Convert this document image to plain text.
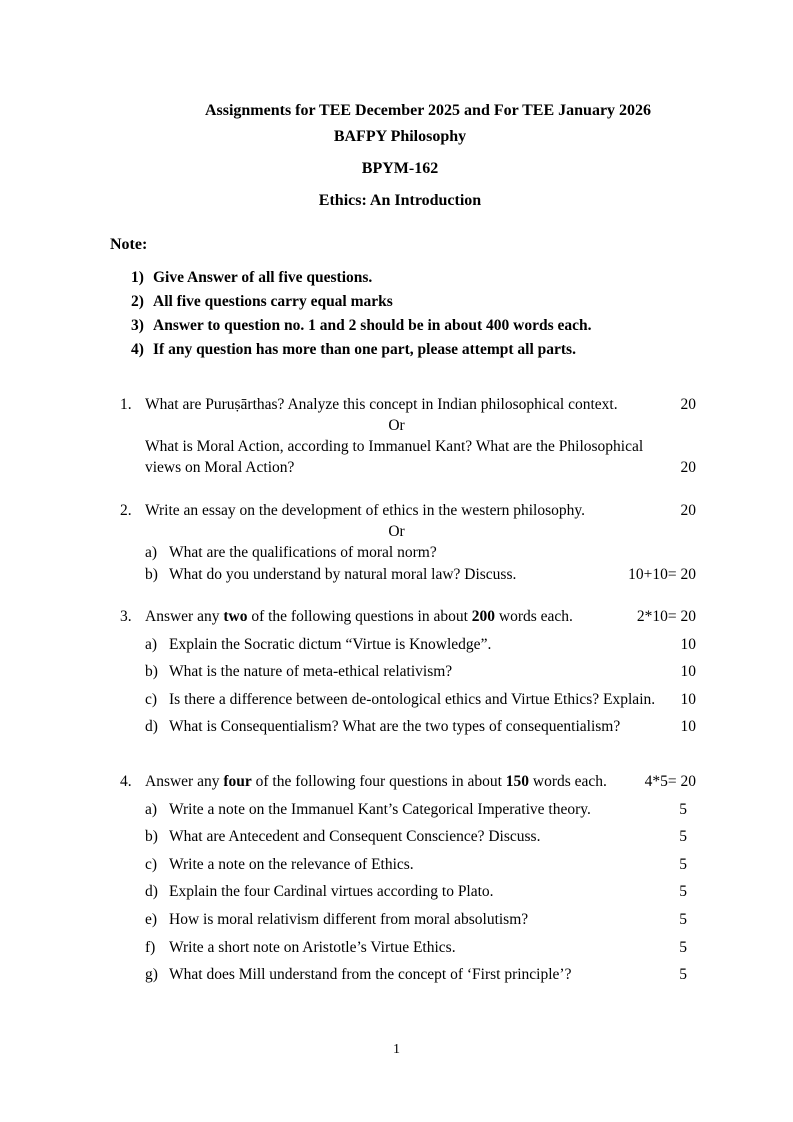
Assignments for TEE December 2025 and For TEE January 2026
BAFPY Philosophy
BPYM-162
Ethics: An Introduction
Note:
1) Give Answer of all five questions.
2) All five questions carry equal marks
3) Answer to question no. 1 and 2 should be in about 400 words each.
4) If any question has more than one part, please attempt all parts.
1. What are Puruṣārthas? Analyze this concept in Indian philosophical context.	20
Or
What is Moral Action, according to Immanuel Kant? What are the Philosophical
views on Moral Action?	20
2. Write an essay on the development of ethics in the western philosophy.	20
Or
a) What are the qualifications of moral norm?
b) What do you understand by natural moral law? Discuss.	10+10= 20
3. Answer any two of the following questions in about 200 words each.	2*10= 20
a) Explain the Socratic dictum “Virtue is Knowledge”.	10
b) What is the nature of meta-ethical relativism?	10
c) Is there a difference between de-ontological ethics and Virtue Ethics? Explain. 10
d) What is Consequentialism? What are the two types of consequentialism?	10
4. Answer any four of the following four questions in about 150 words each. 4*5= 20
a) Write a note on the Immanuel Kant’s Categorical Imperative theory.	5
b) What are Antecedent and Consequent Conscience? Discuss.	5
c) Write a note on the relevance of Ethics.	5
d) Explain the four Cardinal virtues according to Plato.	5
e) How is moral relativism different from moral absolutism?	5
f) Write a short note on Aristotle’s Virtue Ethics.	5
g) What does Mill understand from the concept of ‘First principle’?	5
1
